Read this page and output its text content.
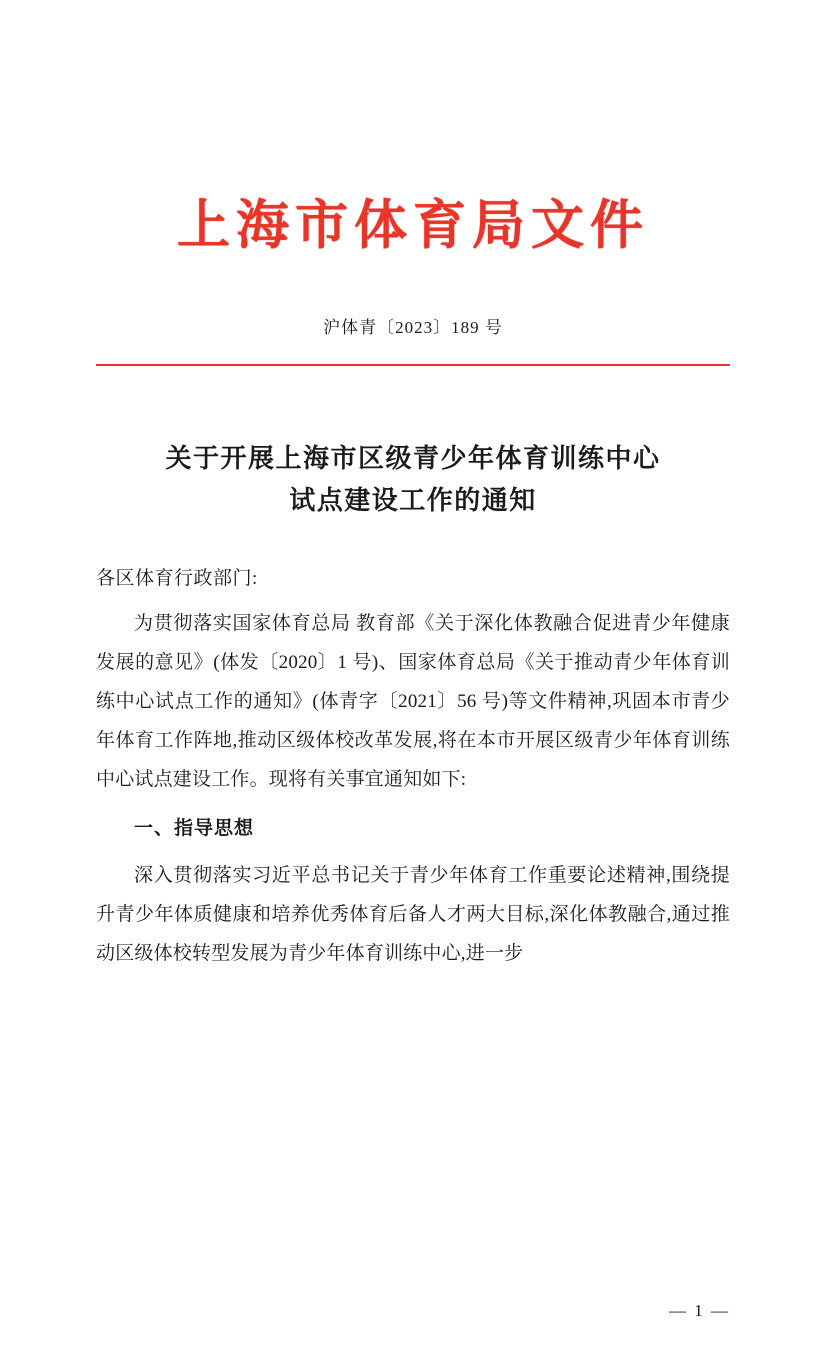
上海市体育局文件
沪体青〔2023〕189 号
关于开展上海市区级青少年体育训练中心
试点建设工作的通知
各区体育行政部门:
为贯彻落实国家体育总局 教育部《关于深化体教融合促进青少年健康发展的意见》(体发〔2020〕1 号)、国家体育总局《关于推动青少年体育训练中心试点工作的通知》(体青字〔2021〕56 号)等文件精神,巩固本市青少年体育工作阵地,推动区级体校改革发展,将在本市开展区级青少年体育训练中心试点建设工作。现将有关事宜通知如下:
一、指导思想
深入贯彻落实习近平总书记关于青少年体育工作重要论述精神,围绕提升青少年体质健康和培养优秀体育后备人才两大目标,深化体教融合,通过推动区级体校转型发展为青少年体育训练中心,进一步
— 1 —
